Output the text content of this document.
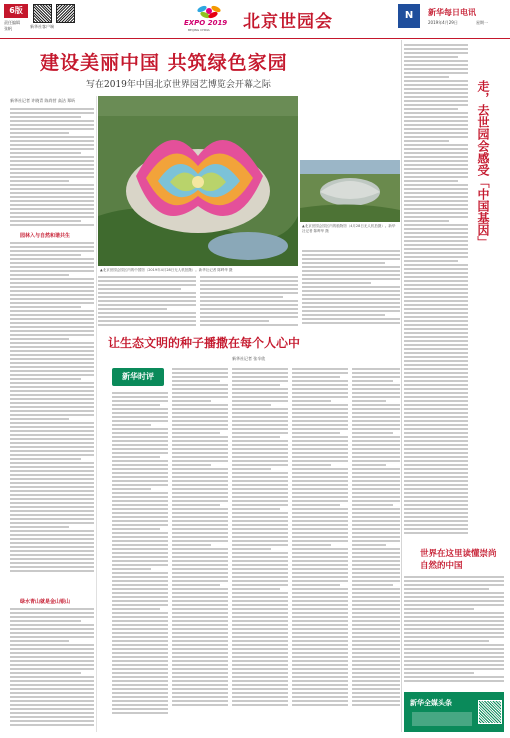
6版
责任编辑
张帆	新华社客户端	EXPO 2019
BEIJING CHINA 北京世园会	N	新华每日电讯
2019年4月29日	星期一
建设美丽中国 共筑绿色家园
写在2019年中国北京世界园艺博览会开幕之际
新华社记者 许晓青 陈尚营 高洁 郑昕
园林入与自然和谐共生
绿水青山就是金山银山
▲北京世园会园区内的中国馆（2019年4月28日无人机拍摄）。新华社记者 陈晔华 摄
▲北京世园会园区内的植物馆（4月28日无人机拍摄）。新华社记者 陈晔华 摄
让生态文明的种子播撒在每个人心中
新华时评
新华社记者 张辛欣
走，去世园会感受「中国基因」
世界在这里读懂崇尚自然的中国
新华全媒头条
